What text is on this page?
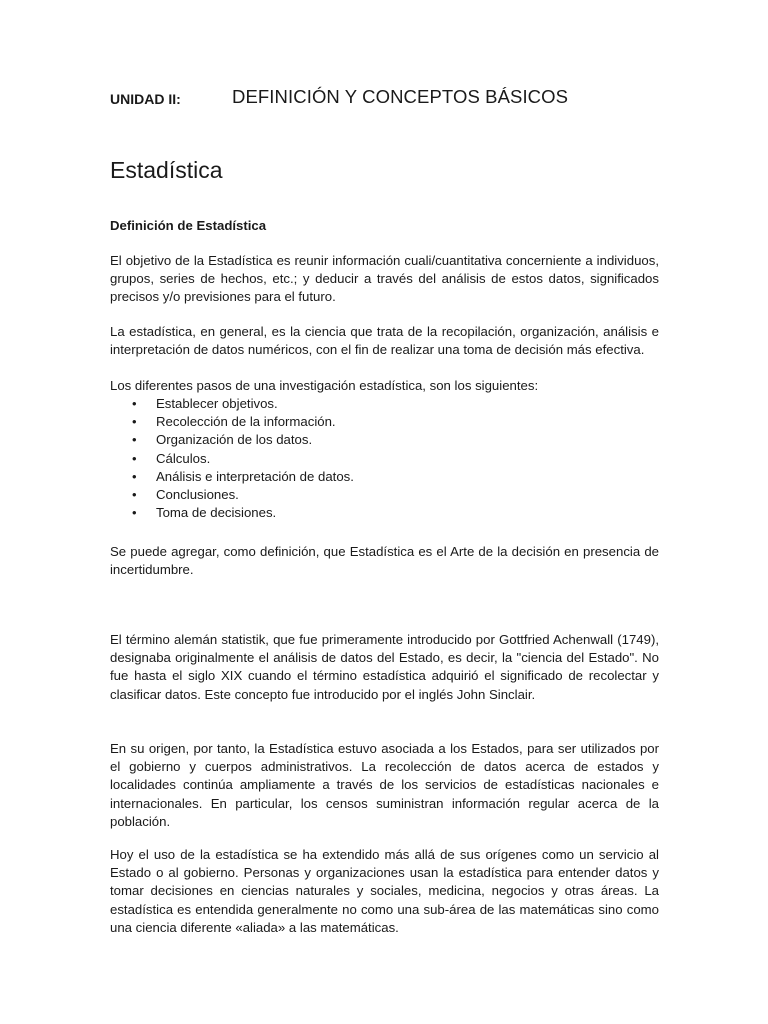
UNIDAD II:	DEFINICIÓN Y CONCEPTOS BÁSICOS
Estadística
Definición de Estadística

El objetivo de la Estadística es reunir información cuali/cuantitativa concerniente a individuos, grupos, series de hechos, etc.; y deducir a través del análisis de estos datos, significados precisos y/o previsiones para el futuro.

La estadística, en general, es la ciencia que trata de la recopilación, organización, análisis e interpretación de datos numéricos, con el fin de realizar una toma de decisión más efectiva.

Los diferentes pasos de una investigación estadística, son los siguientes:

• Establecer objetivos.
• Recolección de la información.
• Organización de los datos.
• Cálculos.
• Análisis e interpretación de datos.
• Conclusiones.
• Toma de decisiones.

Se puede agregar, como definición, que Estadística es el Arte de la decisión en presencia de incertidumbre.

El término alemán statistik, que fue primeramente introducido por Gottfried Achenwall (1749), designaba originalmente el análisis de datos del Estado, es decir, la "ciencia del Estado". No fue hasta el siglo XIX cuando el término estadística adquirió el significado de recolectar y clasificar datos. Este concepto fue introducido por el inglés John Sinclair.

En su origen, por tanto, la Estadística estuvo asociada a los Estados, para ser utilizados por el gobierno y cuerpos administrativos. La recolección de datos acerca de estados y localidades continúa ampliamente a través de los servicios de estadísticas nacionales e internacionales. En particular, los censos suministran información regular acerca de la población.

Hoy el uso de la estadística se ha extendido más allá de sus orígenes como un servicio al Estado o al gobierno. Personas y organizaciones usan la estadística para entender datos y tomar decisiones en ciencias naturales y sociales, medicina, negocios y otras áreas. La estadística es entendida generalmente no como una sub-área de las matemáticas sino como una ciencia diferente «aliada» a las matemáticas.
